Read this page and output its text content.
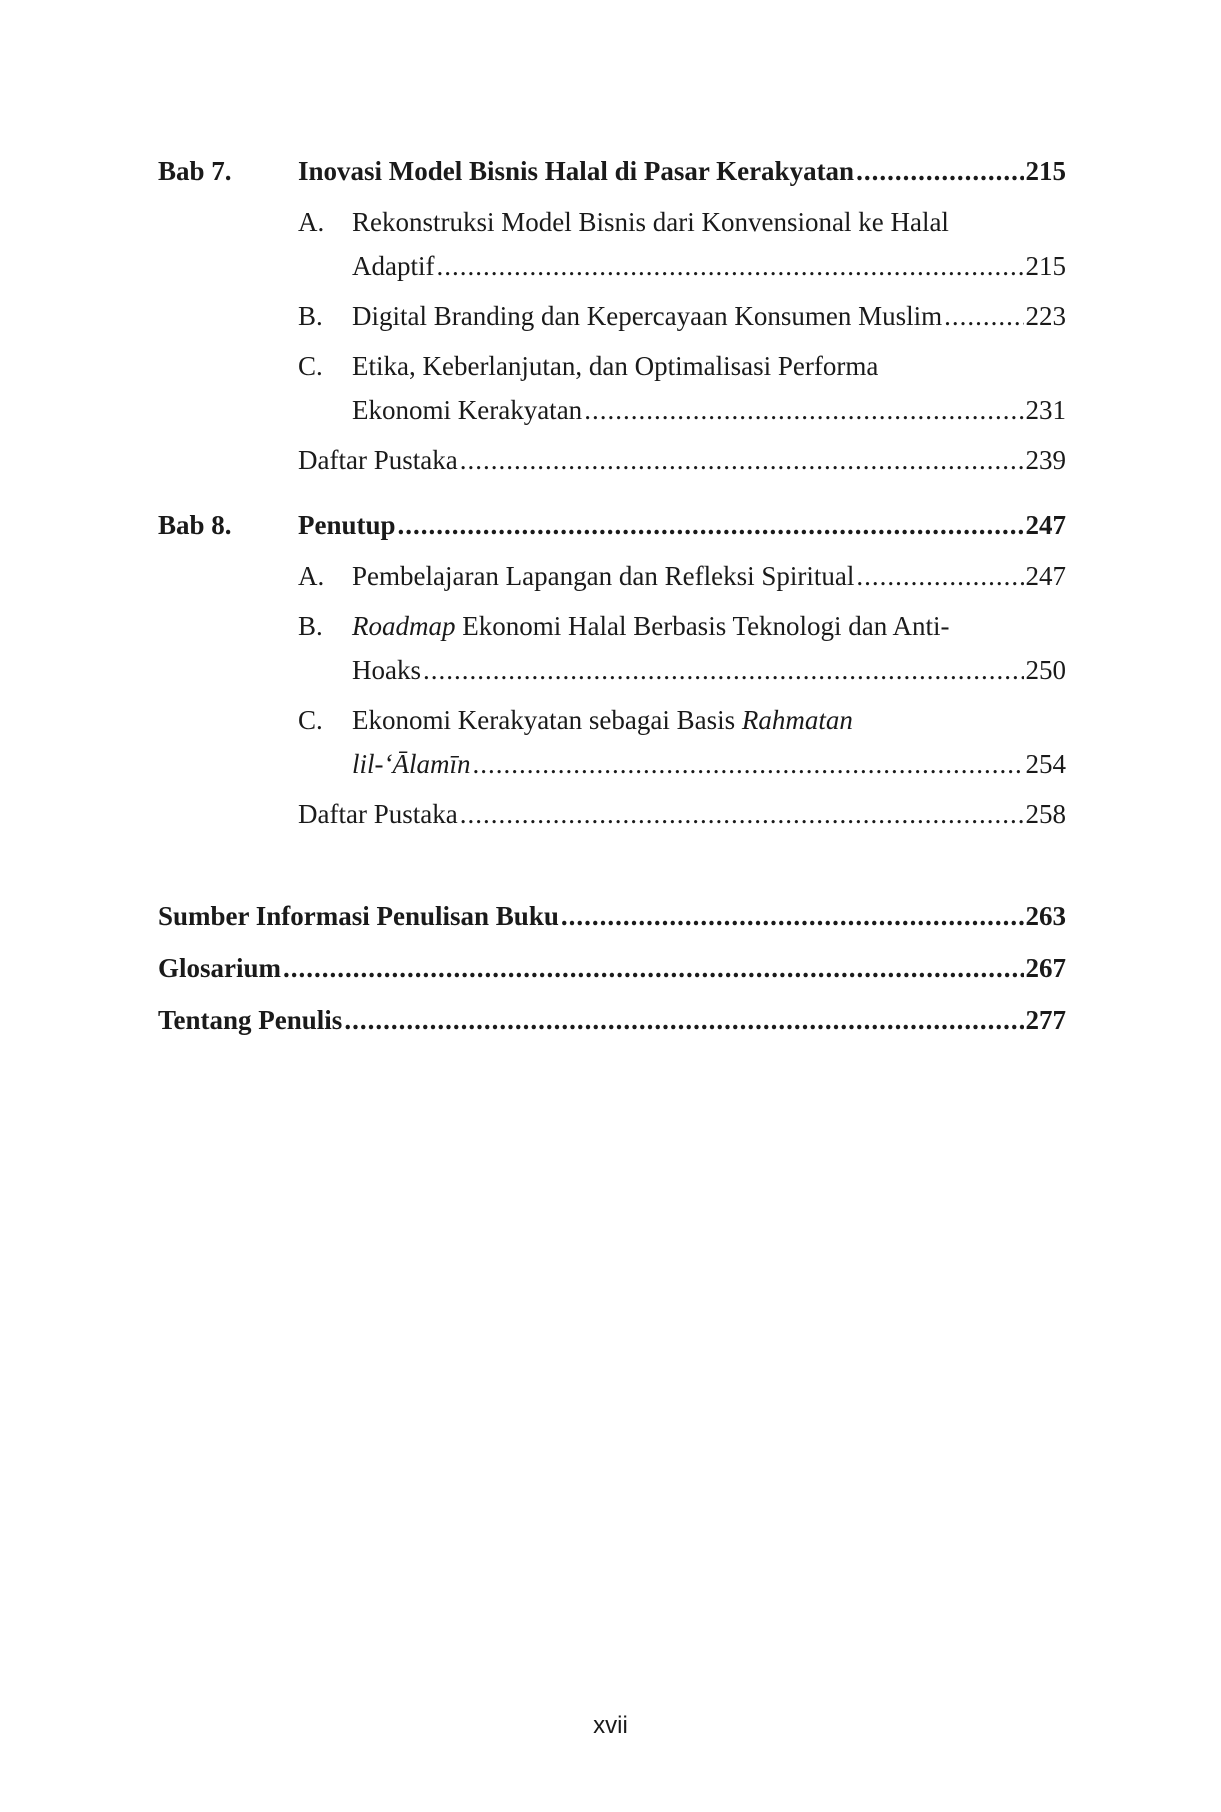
Bab 7.	Inovasi Model Bisnis Halal di Pasar Kerakyatan .....	215
A.	Rekonstruksi Model Bisnis dari Konvensional ke Halal
Adaptif .....	215
B.	Digital Branding dan Kepercayaan Konsumen Muslim .....	223
C.	Etika, Keberlanjutan, dan Optimalisasi Performa
Ekonomi Kerakyatan .....	231
Daftar Pustaka .....	239
Bab 8.	Penutup .....	247
A.	Pembelajaran Lapangan dan Refleksi Spiritual .....	247
B.	Roadmap Ekonomi Halal Berbasis Teknologi dan Anti-
Hoaks .....	250
C.	Ekonomi Kerakyatan sebagai Basis Rahmatan
lil-‘Ālamīn .....	254
Daftar Pustaka .....	258
Sumber Informasi Penulisan Buku .....	263
Glosarium .....	267
Tentang Penulis .....	277
xvii
